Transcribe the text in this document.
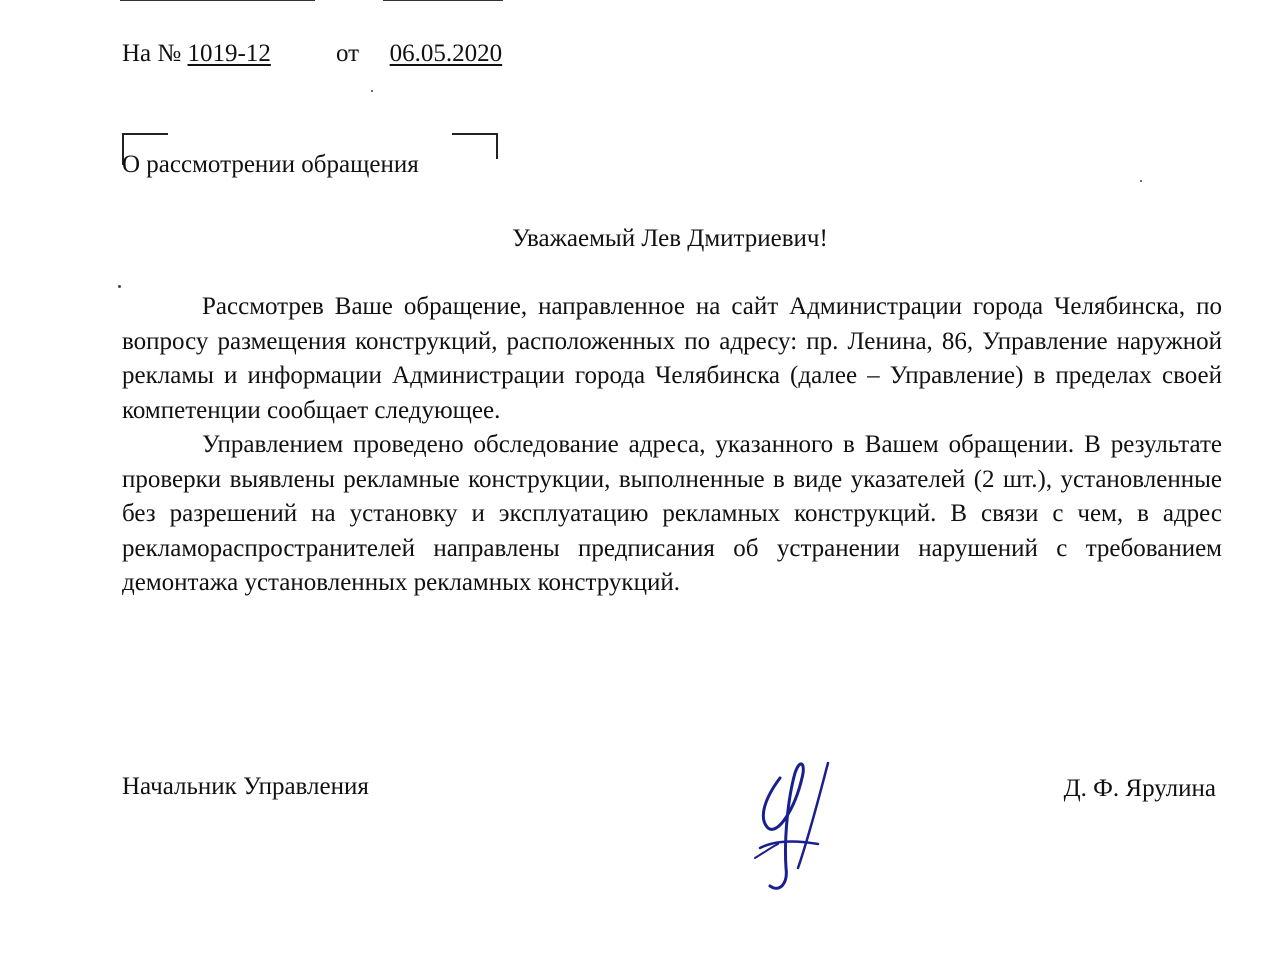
На № 1019-12	от 06.05.2020
О рассмотрении обращения
Уважаемый Лев Дмитриевич!

Рассмотрев Ваше обращение, направленное на сайт Администрации города Челябинска, по вопросу размещения конструкций, расположенных по адресу: пр. Ленина, 86, Управление наружной рекламы и информации Администрации города Челябинска (далее – Управление) в пределах своей компетенции сообщает следующее.

Управлением проведено обследование адреса, указанного в Вашем обращении. В результате проверки выявлены рекламные конструкции, выполненные в виде указателей (2 шт.), установленные без разрешений на установку и эксплуатацию рекламных конструкций. В связи с чем, в адрес рекламораспространителей направлены предписания об устранении нарушений с требованием демонтажа установленных рекламных конструкций.

Начальник Управления	Д. Ф. Ярулина
